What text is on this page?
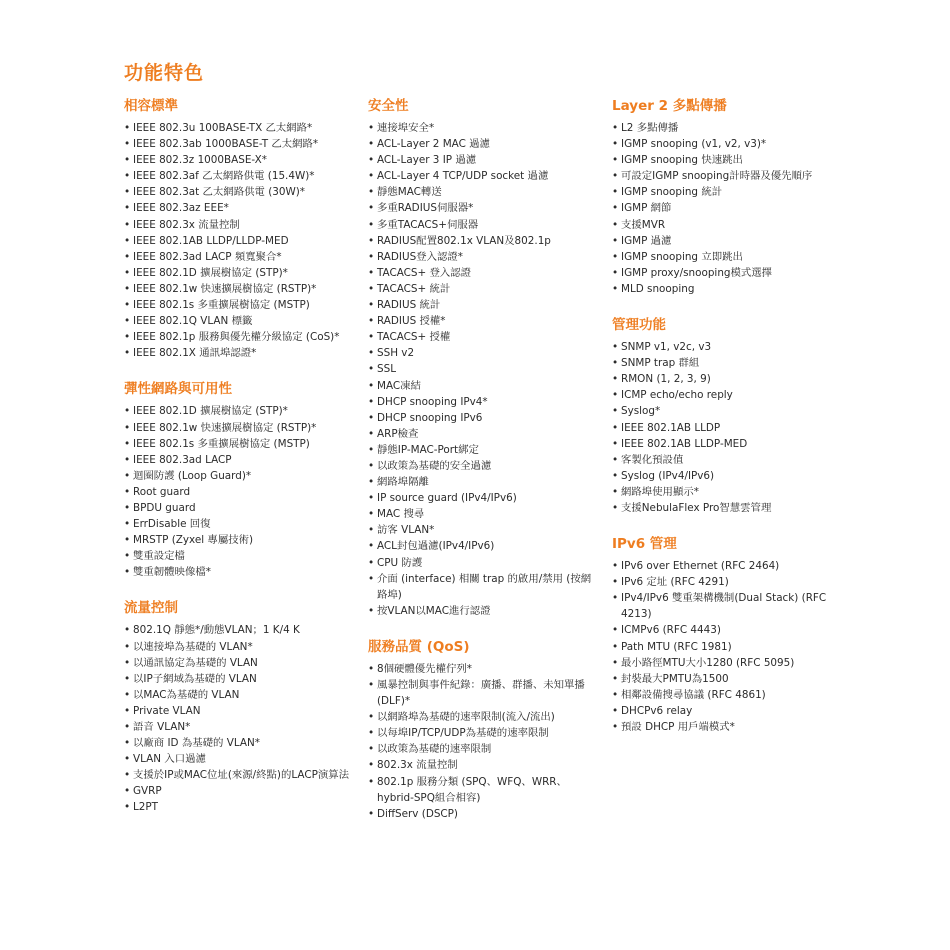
功能特色
相容標準
• IEEE 802.3u 100BASE-TX 乙太網路*
• IEEE 802.3ab 1000BASE-T 乙太網路*
• IEEE 802.3z 1000BASE-X*
• IEEE 802.3af 乙太網路供電 (15.4W)*
• IEEE 802.3at 乙太網路供電 (30W)*
• IEEE 802.3az EEE*
• IEEE 802.3x 流量控制
• IEEE 802.1AB LLDP/LLDP-MED
• IEEE 802.3ad LACP 頻寬聚合*
• IEEE 802.1D 擴展樹協定 (STP)*
• IEEE 802.1w 快速擴展樹協定 (RSTP)*
• IEEE 802.1s 多重擴展樹協定 (MSTP)
• IEEE 802.1Q VLAN 標籤
• IEEE 802.1p 服務與優先權分級協定 (CoS)*
• IEEE 802.1X 通訊埠認證*
彈性網路與可用性
• IEEE 802.1D 擴展樹協定 (STP)*
• IEEE 802.1w 快速擴展樹協定 (RSTP)*
• IEEE 802.1s 多重擴展樹協定 (MSTP)
• IEEE 802.3ad LACP
• 迴圈防護 (Loop Guard)*
• Root guard
• BPDU guard
• ErrDisable 回復
• MRSTP (Zyxel 專屬技術)
• 雙重設定檔
• 雙重韌體映像檔*
流量控制
• 802.1Q 靜態*/動態VLAN；1 K/4 K
• 以連接埠為基礎的 VLAN*
• 以通訊協定為基礎的 VLAN
• 以IP子網域為基礎的 VLAN
• 以MAC為基礎的 VLAN
• Private VLAN
• 語音 VLAN*
• 以廠商 ID 為基礎的 VLAN*
• VLAN 入口過濾
• 支援於IP或MAC位址(來源/終點)的LACP演算法
• GVRP
• L2PT
安全性
• 連接埠安全*
• ACL-Layer 2 MAC 過濾
• ACL-Layer 3 IP 過濾
• ACL-Layer 4 TCP/UDP socket 過濾
• 靜態MAC轉送
• 多重RADIUS伺服器*
• 多重TACACS+伺服器
• RADIUS配置802.1x VLAN及802.1p
• RADIUS登入認證*
• TACACS+ 登入認證
• TACACS+ 統計
• RADIUS 統計
• RADIUS 授權*
• TACACS+ 授權
• SSH v2
• SSL
• MAC凍結
• DHCP snooping IPv4*
• DHCP snooping IPv6
• ARP檢查
• 靜態IP-MAC-Port綁定
• 以政策為基礎的安全過濾
• 網路埠隔離
• IP source guard (IPv4/IPv6)
• MAC 搜尋
• 訪客 VLAN*
• ACL封包過濾(IPv4/IPv6)
• CPU 防護
• 介面 (interface) 相關 trap 的啟用/禁用 (按網路埠)
• 按VLAN以MAC進行認證
服務品質 (QoS)
• 8個硬體優先權佇列*
• 風暴控制與事件紀錄：廣播、群播、未知單播(DLF)*
• 以網路埠為基礎的速率限制(流入/流出)
• 以每埠IP/TCP/UDP為基礎的速率限制
• 以政策為基礎的速率限制
• 802.3x 流量控制
• 802.1p 服務分類 (SPQ、WFQ、WRR、hybrid-SPQ組合相容)
• DiffServ (DSCP)
Layer 2 多點傳播
• L2 多點傳播
• IGMP snooping (v1, v2, v3)*
• IGMP snooping 快速跳出
• 可設定IGMP snooping計時器及優先順序
• IGMP snooping 統計
• IGMP 網節
• 支援MVR
• IGMP 過濾
• IGMP snooping 立即跳出
• IGMP proxy/snooping模式選擇
• MLD snooping
管理功能
• SNMP v1, v2c, v3
• SNMP trap 群組
• RMON (1, 2, 3, 9)
• ICMP echo/echo reply
• Syslog*
• IEEE 802.1AB LLDP
• IEEE 802.1AB LLDP-MED
• 客製化預設值
• Syslog (IPv4/IPv6)
• 網路埠使用顯示*
• 支援NebulaFlex Pro智慧雲管理
IPv6 管理
• IPv6 over Ethernet (RFC 2464)
• IPv6 定址 (RFC 4291)
• IPv4/IPv6 雙重架構機制(Dual Stack) (RFC 4213)
• ICMPv6 (RFC 4443)
• Path MTU (RFC 1981)
• 最小路徑MTU大小1280 (RFC 5095)
• 封裝最大PMTU為1500
• 相鄰設備搜尋協議 (RFC 4861)
• DHCPv6 relay
• 預設 DHCP 用戶端模式*
